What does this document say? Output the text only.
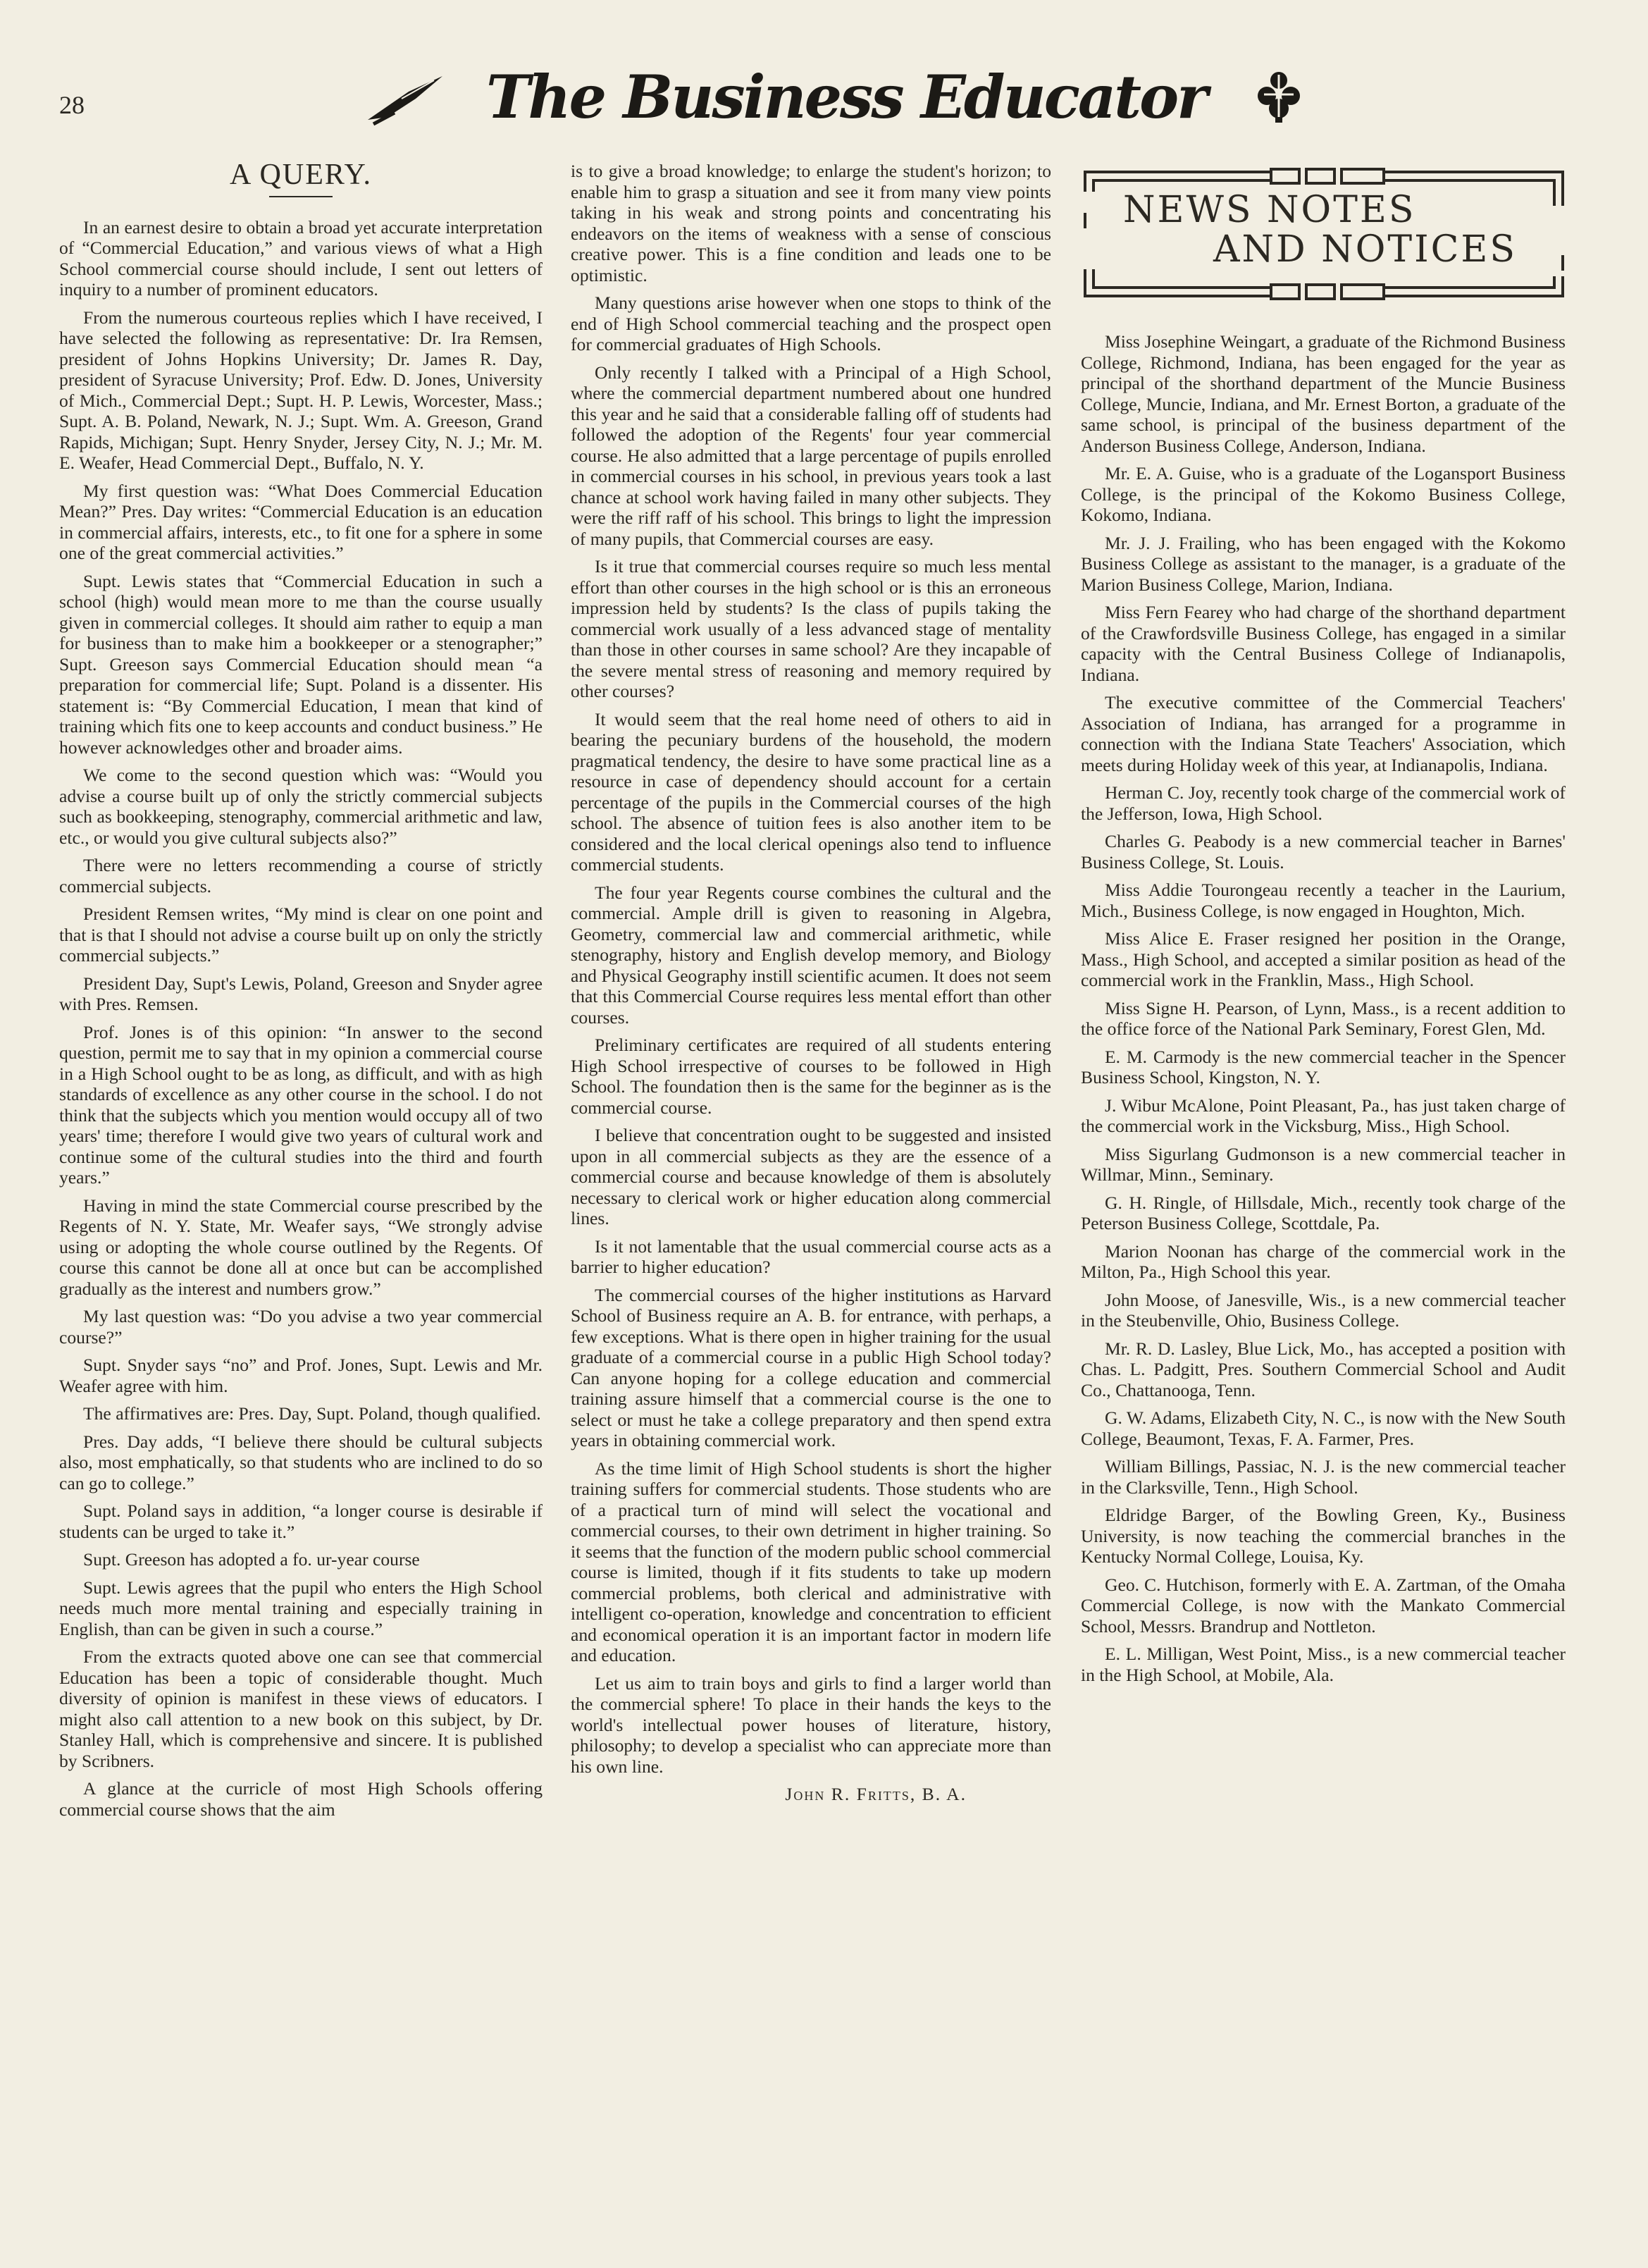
28	The Business Educator
A QUERY.

In an earnest desire to obtain a broad yet accurate interpretation of “Commercial Education,” and various views of what a High School commercial course should include, I sent out letters of inquiry to a number of prominent educators.

From the numerous courteous replies which I have received, I have selected the following as representative: Dr. Ira Remsen, president of Johns Hopkins University; Dr. James R. Day, president of Syracuse University; Prof. Edw. D. Jones, University of Mich., Commercial Dept.; Supt. H. P. Lewis, Worcester, Mass.; Supt. A. B. Poland, Newark, N. J.; Supt. Wm. A. Greeson, Grand Rapids, Michigan; Supt. Henry Snyder, Jersey City, N. J.; Mr. M. E. Weafer, Head Commercial Dept., Buffalo, N. Y.

My first question was: “What Does Commercial Education Mean?” Pres. Day writes: “Commercial Education is an education in commercial affairs, interests, etc., to fit one for a sphere in some one of the great commercial activities.”

Supt. Lewis states that “Commercial Education in such a school (high) would mean more to me than the course usually given in commercial colleges. It should aim rather to equip a man for business than to make him a bookkeeper or a stenographer;” Supt. Greeson says Commercial Education should mean “a preparation for commercial life; Supt. Poland is a dissenter. His statement is: “By Commercial Education, I mean that kind of training which fits one to keep accounts and conduct business.” He however acknowledges other and broader aims.

We come to the second question which was: “Would you advise a course built up of only the strictly commercial subjects such as bookkeeping, stenography, commercial arithmetic and law, etc., or would you give cultural subjects also?”

There were no letters recommending a course of strictly commercial subjects.

President Remsen writes, “My mind is clear on one point and that is that I should not advise a course built up on only the strictly commercial subjects.”

President Day, Supt's Lewis, Poland, Greeson and Snyder agree with Pres. Remsen.

Prof. Jones is of this opinion: “In answer to the second question, permit me to say that in my opinion a commercial course in a High School ought to be as long, as difficult, and with as high standards of excellence as any other course in the school. I do not think that the subjects which you mention would occupy all of two years' time; therefore I would give two years of cultural work and continue some of the cultural studies into the third and fourth years.”

Having in mind the state Commercial course prescribed by the Regents of N. Y. State, Mr. Weafer says, “We strongly advise using or adopting the whole course outlined by the Regents. Of course this cannot be done all at once but can be accomplished gradually as the interest and numbers grow.”

My last question was: “Do you advise a two year commercial course?”

Supt. Snyder says “no” and Prof. Jones, Supt. Lewis and Mr. Weafer agree with him.

The affirmatives are: Pres. Day, Supt. Poland, though qualified.

Pres. Day adds, “I believe there should be cultural subjects also, most emphatically, so that students who are inclined to do so can go to college.”

Supt. Poland says in addition, “a longer course is desirable if students can be urged to take it.”

Supt. Greeson has adopted a fo. ur-year course

Supt. Lewis agrees that the pupil who enters the High School needs much more mental training and especially training in English, than can be given in such a course.”

From the extracts quoted above one can see that commercial Education has been a topic of considerable thought. Much diversity of opinion is manifest in these views of educators. I might also call attention to a new book on this subject, by Dr. Stanley Hall, which is comprehensive and sincere. It is published by Scribners.

A glance at the curricle of most High Schools offering commercial course shows that the aim

is to give a broad knowledge; to enlarge the student's horizon; to enable him to grasp a situation and see it from many view points taking in his weak and strong points and concentrating his endeavors on the items of weakness with a sense of conscious creative power. This is a fine condition and leads one to be optimistic.

Many questions arise however when one stops to think of the end of High School commercial teaching and the prospect open for commercial graduates of High Schools.

Only recently I talked with a Principal of a High School, where the commercial department numbered about one hundred this year and he said that a considerable falling off of students had followed the adoption of the Regents' four year commercial course. He also admitted that a large percentage of pupils enrolled in commercial courses in his school, in previous years took a last chance at school work having failed in many other subjects. They were the riff raff of his school. This brings to light the impression of many pupils, that Commercial courses are easy.

Is it true that commercial courses require so much less mental effort than other courses in the high school or is this an erroneous impression held by students? Is the class of pupils taking the commercial work usually of a less advanced stage of mentality than those in other courses in same school? Are they incapable of the severe mental stress of reasoning and memory required by other courses?

It would seem that the real home need of others to aid in bearing the pecuniary burdens of the household, the modern pragmatical tendency, the desire to have some practical line as a resource in case of dependency should account for a certain percentage of the pupils in the Commercial courses of the high school. The absence of tuition fees is also another item to be considered and the local clerical openings also tend to influence commercial students.

The four year Regents course combines the cultural and the commercial. Ample drill is given to reasoning in Algebra, Geometry, commercial law and commercial arithmetic, while stenography, history and English develop memory, and Biology and Physical Geography instill scientific acumen. It does not seem that this Commercial Course requires less mental effort than other courses.

Preliminary certificates are required of all students entering High School irrespective of courses to be followed in High School. The foundation then is the same for the beginner as is the commercial course.

I believe that concentration ought to be suggested and insisted upon in all commercial subjects as they are the essence of a commercial course and because knowledge of them is absolutely necessary to clerical work or higher education along commercial lines.

Is it not lamentable that the usual commercial course acts as a barrier to higher education?

The commercial courses of the higher institutions as Harvard School of Business require an A. B. for entrance, with perhaps, a few exceptions. What is there open in higher training for the usual graduate of a commercial course in a public High School today? Can anyone hoping for a college education and commercial training assure himself that a commercial course is the one to select or must he take a college preparatory and then spend extra years in obtaining commercial work.

As the time limit of High School students is short the higher training suffers for commercial students. Those students who are of a practical turn of mind will select the vocational and commercial courses, to their own detriment in higher training. So it seems that the function of the modern public school commercial course is limited, though if it fits students to take up modern commercial problems, both clerical and administrative with intelligent co-operation, knowledge and concentration to efficient and economical operation it is an important factor in modern life and education.

Let us aim to train boys and girls to find a larger world than the commercial sphere! To place in their hands the keys to the world's intellectual power houses of literature, history, philosophy; to develop a specialist who can appreciate more than his own line.

John R. Fritts, B. A.
NEWS NOTES
AND NOTICES

Miss Josephine Weingart, a graduate of the Richmond Business College, Richmond, Indiana, has been engaged for the year as principal of the shorthand department of the Muncie Business College, Muncie, Indiana, and Mr. Ernest Borton, a graduate of the same school, is principal of the business department of the Anderson Business College, Anderson, Indiana.

Mr. E. A. Guise, who is a graduate of the Logansport Business College, is the principal of the Kokomo Business College, Kokomo, Indiana.

Mr. J. J. Frailing, who has been engaged with the Kokomo Business College as assistant to the manager, is a graduate of the Marion Business College, Marion, Indiana.

Miss Fern Fearey who had charge of the shorthand department of the Crawfordsville Business College, has engaged in a similar capacity with the Central Business College of Indianapolis, Indiana.

The executive committee of the Commercial Teachers' Association of Indiana, has arranged for a programme in connection with the Indiana State Teachers' Association, which meets during Holiday week of this year, at Indianapolis, Indiana.

Herman C. Joy, recently took charge of the commercial work of the Jefferson, Iowa, High School.

Charles G. Peabody is a new commercial teacher in Barnes' Business College, St. Louis.

Miss Addie Tourongeau recently a teacher in the Laurium, Mich., Business College, is now engaged in Houghton, Mich.

Miss Alice E. Fraser resigned her position in the Orange, Mass., High School, and accepted a similar position as head of the commercial work in the Franklin, Mass., High School.

Miss Signe H. Pearson, of Lynn, Mass., is a recent addition to the office force of the National Park Seminary, Forest Glen, Md.

E. M. Carmody is the new commercial teacher in the Spencer Business School, Kingston, N. Y.

J. Wibur McAlone, Point Pleasant, Pa., has just taken charge of the commercial work in the Vicksburg, Miss., High School.

Miss Sigurlang Gudmonson is a new commercial teacher in Willmar, Minn., Seminary.

G. H. Ringle, of Hillsdale, Mich., recently took charge of the Peterson Business College, Scottdale, Pa.

Marion Noonan has charge of the commercial work in the Milton, Pa., High School this year.

John Moose, of Janesville, Wis., is a new commercial teacher in the Steubenville, Ohio, Business College.

Mr. R. D. Lasley, Blue Lick, Mo., has accepted a position with Chas. L. Padgitt, Pres. Southern Commercial School and Audit Co., Chattanooga, Tenn.

G. W. Adams, Elizabeth City, N. C., is now with the New South College, Beaumont, Texas, F. A. Farmer, Pres.

William Billings, Passiac, N. J. is the new commercial teacher in the Clarksville, Tenn., High School.

Eldridge Barger, of the Bowling Green, Ky., Business University, is now teaching the commercial branches in the Kentucky Normal College, Louisa, Ky.

Geo. C. Hutchison, formerly with E. A. Zartman, of the Omaha Commercial College, is now with the Mankato Commercial School, Messrs. Brandrup and Nottleton.

E. L. Milligan, West Point, Miss., is a new commercial teacher in the High School, at Mobile, Ala.
